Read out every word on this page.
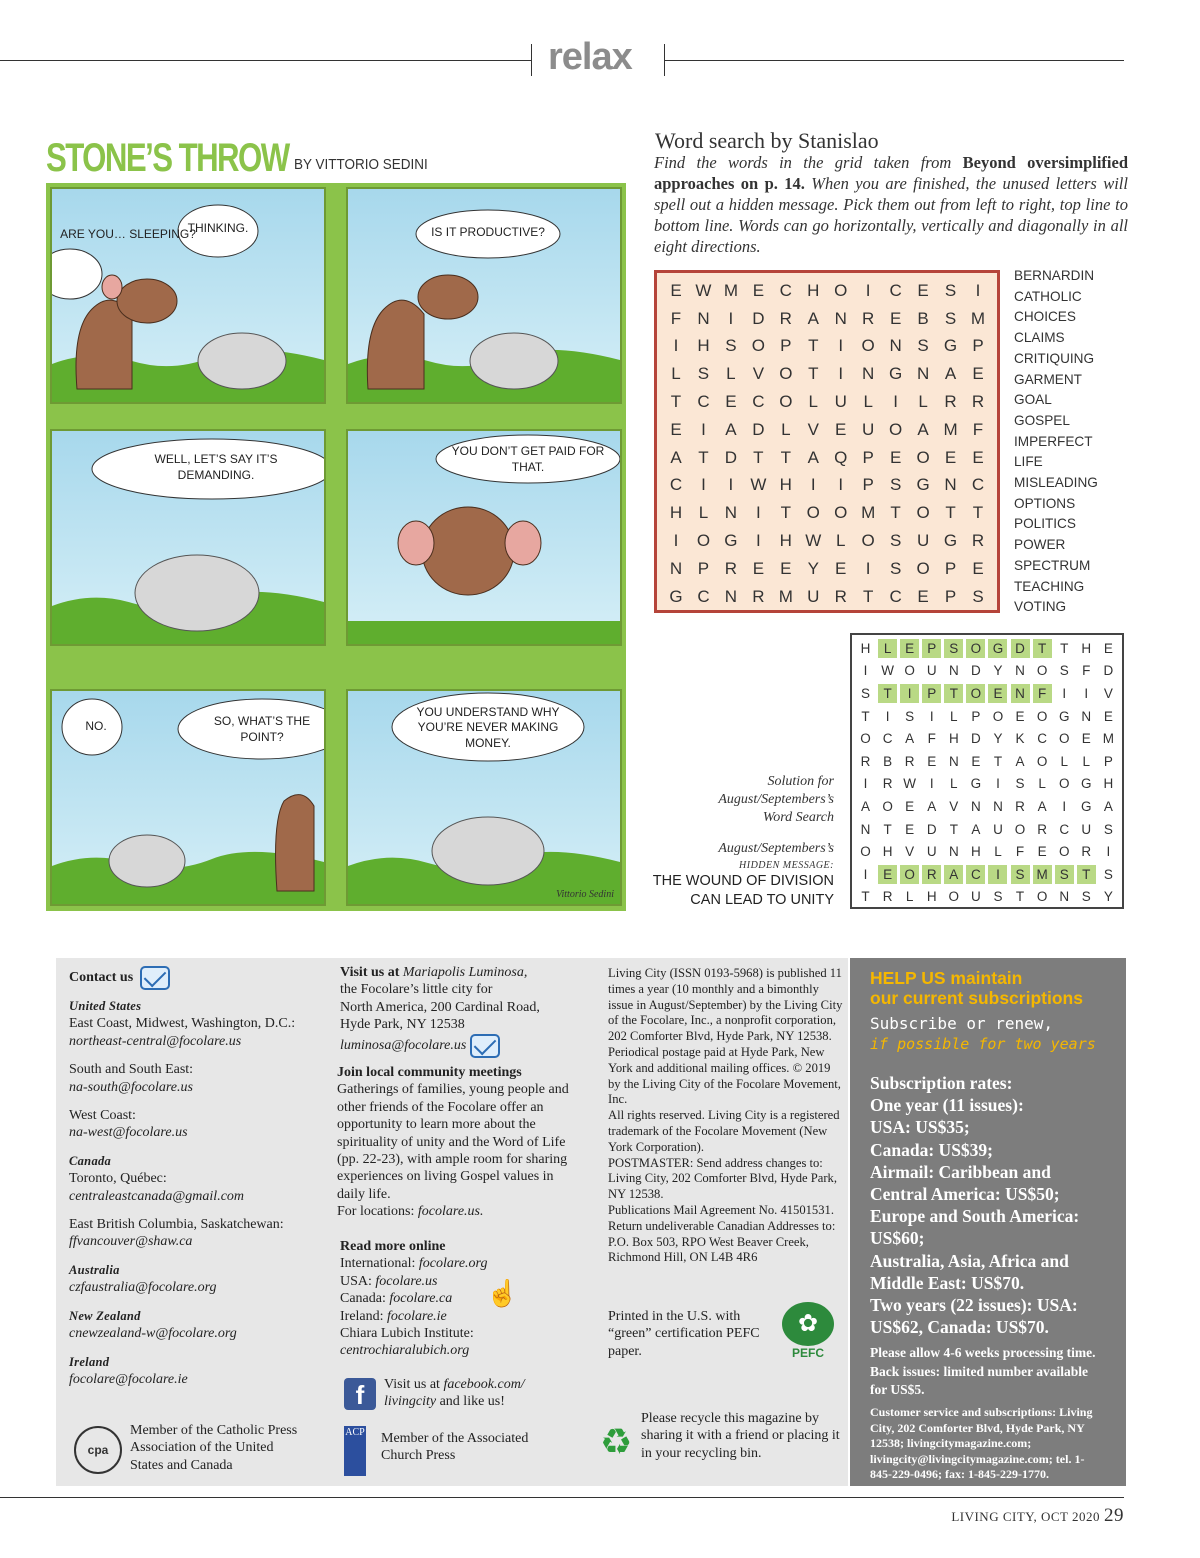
relax
STONE’S THROW BY VITTORIO SEDINI
ARE YOU… SLEEPING?
THINKING.	IS IT PRODUCTIVE?
WELL, LET’S SAY IT’S DEMANDING.
YOU DON’T GET PAID FOR THAT.
NO.	SO, WHAT’S THE POINT?
YOU UNDERSTAND WHY YOU’RE NEVER MAKING MONEY.
Vittorio Sedini
Word search by Stanislao
Find the words in the grid taken from Beyond oversimplified approaches on p. 14. When you are finished, the unused letters will spell out a hidden message. Pick them out from left to right, top line to bottom line. Words can go horizontally, vertically and diagonally in all eight directions.
E W M E C H O	I	C E S	I
F N	I	D R A N R E B S M
I	H S O P T	I	O N S G P
L	S	L	V O T	I	N G N A E
T C E C O L U L	I	L R R
E	I	A D L	V E U O A M F
A T D T	T A Q P E O E E
C	I	I	W H	I	I	P S G N C
H L N	I	T O O M T O T	T
I	O G	I	H W L O S U G R
N P R E E Y E	I	S O P E
G C N R M U R T C E P S
BERNARDIN
CATHOLIC
CHOICES
CLAIMS
CRITIQUING
GARMENT
GOAL
GOSPEL
IMPERFECT
LIFE
MISLEADING
OPTIONS
POLITICS
POWER
SPECTRUM
TEACHING
VOTING
Solution for August/Septembers’s Word Search
August/Septembers’s
HIDDEN MESSAGE:
THE WOUND OF DIVISION
CAN LEAD TO UNITY
H L	E P S O G D T	T H E
I	W O U N D Y N O S F D
S T	I	P T O E N F	I	I	V
T	I	S	I	L	P O E O G N E
O C A F H D Y K C O E M
R B R E N E T A O L	L	P
I	R W	I	L G	I	S	L O G H
A O E A V N N R A	I	G A
N T E D T A U O R C U S
O H V U N H L	F E O R	I
I	E O R A C	I	S M S T S
T R L H O U S T O N S Y

Contact us

United States
East Coast, Midwest, Washington, D.C.:
northeast-central@focolare.us

South and South East:
na-south@focolare.us

West Coast:
na-west@focolare.us

Canada
Toronto, Québec:
centraleastcanada@gmail.com

East British Columbia, Saskatchewan:
ffvancouver@shaw.ca

Australia
czfaustralia@focolare.org

New Zealand
cnewzealand-w@focolare.org

Ireland
focolare@focolare.ie

cpa
Member of the Catholic Press Association of the United States and Canada
Visit us at Mariapolis Luminosa,
the Focolare’s little city for
North America, 200 Cardinal Road,
Hyde Park, NY 12538
luminosa@focolare.us
Join local community meetings
Gatherings of families, young people and other friends of the Focolare offer an opportunity to learn more about the spirituality of unity and the Word of Life (pp. 22-23), with ample room for sharing experiences on living Gospel values in daily life.
For locations: focolare.us.
Read more online
International: focolare.org
USA: focolare.us
Canada: focolare.ca
Ireland: focolare.ie
Chiara Lubich Institute:
centrochiaralubich.org
☝
f	Visit us at facebook.com/ livingcity and like us!
ACP Member of the Associated Church Press
Living City (ISSN 0193-5968) is published 11 times a year (10 monthly and a bimonthly issue in August/September) by the Living City of the Focolare, Inc., a nonprofit corporation, 202 Comforter Blvd, Hyde Park, NY 12538. Periodical postage paid at Hyde Park, New York and additional mailing offices. © 2019 by the Living City of the Focolare Movement, Inc.
All rights reserved. Living City is a registered trademark of the Focolare Movement (New York Corporation).
POSTMASTER: Send address changes to: Living City, 202 Comforter Blvd, Hyde Park, NY 12538.
Publications Mail Agreement No. 41501531. Return undeliverable Canadian Addresses to: P.O. Box 503, RPO West Beaver Creek, Richmond Hill, ON L4B 4R6
Printed in the U.S. with “green” certification PEFC paper.
✿
PEFC
♻
Please recycle this magazine by sharing it with a friend or placing it in your recycling bin.
HELP US maintain
our current subscriptions
Subscribe or renew,
if possible for two years
Subscription rates:
One year (11 issues):
USA: US$35;
Canada: US$39;
Airmail: Caribbean and Central America: US$50;
Europe and South America: US$60;
Australia, Asia, Africa and Middle East: US$70.
Two years (22 issues): USA: US$62, Canada: US$70.
Please allow 4-6 weeks processing time. Back issues: limited number available for US$5.
Customer service and subscriptions: Living City, 202 Comforter Blvd, Hyde Park, NY 12538; livingcitymagazine.com; livingcity@livingcitymagazine.com; tel. 1-845-229-0496; fax: 1-845-229-1770.
LIVING CITY, OCT 2020 29
